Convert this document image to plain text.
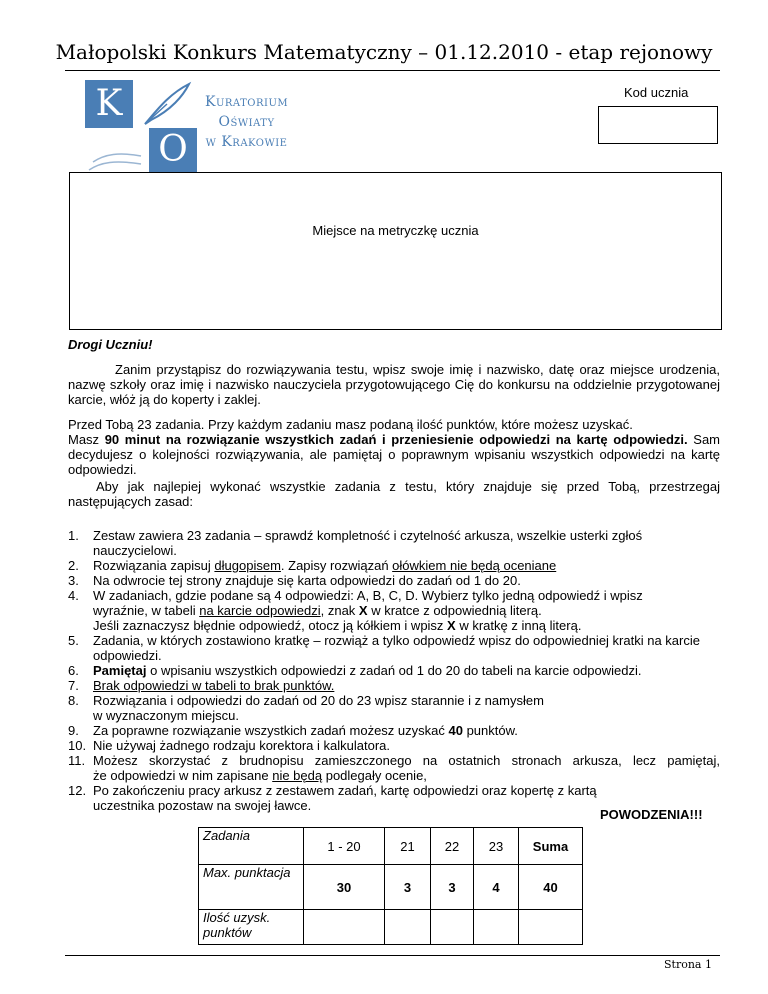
Małopolski Konkurs Matematyczny – 01.12.2010 - etap rejonowy
K
O
Kuratorium
Oświaty
w Krakowie
Kod ucznia
Miejsce na metryczkę ucznia
Drogi Uczniu!
Zanim przystąpisz do rozwiązywania testu, wpisz swoje imię i nazwisko, datę oraz miejsce urodzenia, nazwę szkoły oraz imię i nazwisko nauczyciela przygotowującego Cię do konkursu na oddzielnie przygotowanej karcie, włóż ją do koperty i zaklej.
Przed Tobą 23 zadania. Przy każdym zadaniu masz podaną ilość punktów, które możesz uzyskać.
Masz 90 minut na rozwiązanie wszystkich zadań i przeniesienie odpowiedzi na kartę odpowiedzi. Sam decydujesz o kolejności rozwiązywania, ale pamiętaj o poprawnym wpisaniu wszystkich odpowiedzi na kartę odpowiedzi.
Aby jak najlepiej wykonać wszystkie zadania z testu, który znajduje się przed Tobą, przestrzegaj następujących zasad:
1. Zestaw zawiera 23 zadania – sprawdź kompletność i czytelność arkusza, wszelkie usterki zgłoś nauczycielowi.
2. Rozwiązania zapisuj długopisem. Zapisy rozwiązań ołówkiem nie będą oceniane
3. Na odwrocie tej strony znajduje się karta odpowiedzi do zadań od 1 do 20.
4. W zadaniach, gdzie podane są 4 odpowiedzi: A, B, C, D. Wybierz tylko jedną odpowiedź i wpisz
wyraźnie, w tabeli na karcie odpowiedzi, znak X w kratce z odpowiednią literą.
Jeśli zaznaczysz błędnie odpowiedź, otocz ją kółkiem i wpisz X w kratkę z inną literą.
5. Zadania, w których zostawiono kratkę – rozwiąż a tylko odpowiedź wpisz do odpowiedniej kratki na karcie odpowiedzi.
6. Pamiętaj o wpisaniu wszystkich odpowiedzi z zadań od 1 do 20 do tabeli na karcie odpowiedzi.
7. Brak odpowiedzi w tabeli to brak punktów.
8. Rozwiązania i odpowiedzi do zadań od 20 do 23 wpisz starannie i z namysłem
w wyznaczonym miejscu.
9. Za poprawne rozwiązanie wszystkich zadań możesz uzyskać 40 punktów.
10. Nie używaj żadnego rodzaju korektora i kalkulatora.
11. Możesz skorzystać z brudnopisu zamieszczonego na ostatnich stronach arkusza, lecz pamiętaj,
że odpowiedzi w nim zapisane nie będą podlegały ocenie,
12. Po zakończeniu pracy arkusz z zestawem zadań, kartę odpowiedzi oraz kopertę z kartą
uczestnika pozostaw na swojej ławce.
POWODZENIA!!!
Zadania	1 - 20	21	22	23	Suma
Max. punktacja	30	3	3	4	40
Ilość uzysk. punktów					
Strona 1
